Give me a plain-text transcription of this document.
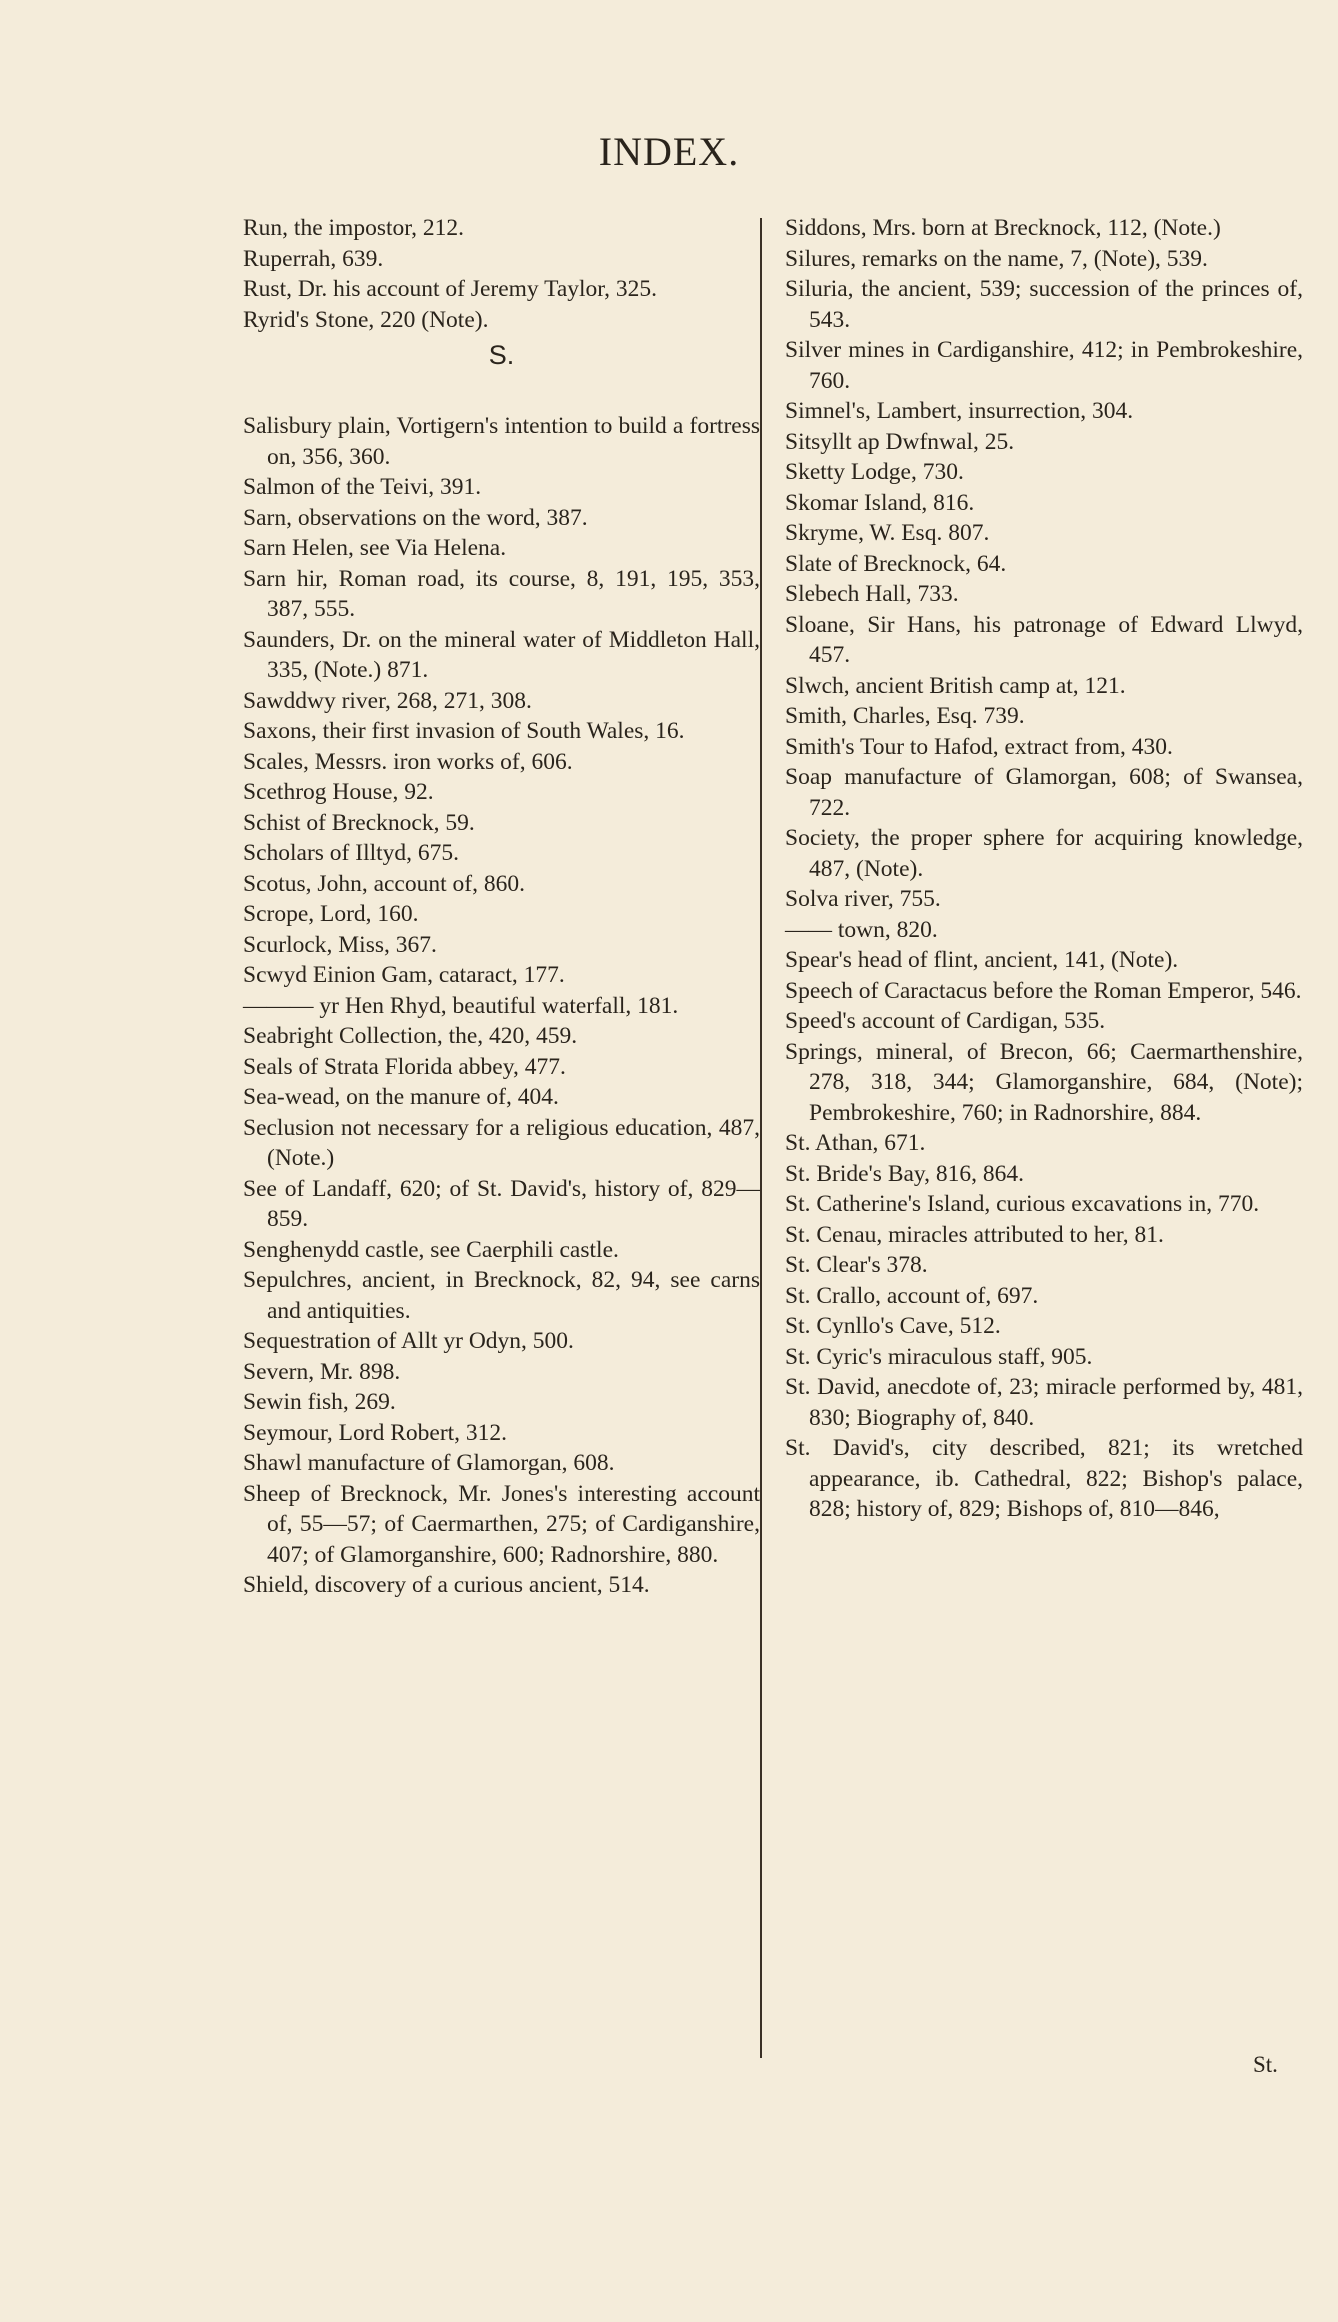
INDEX.
Run, the impostor, 212.
Ruperrah, 639.
Rust, Dr. his account of Jeremy Taylor, 325.
Ryrid's Stone, 220 (Note).
S.
Salisbury plain, Vortigern's intention to build a fortress on, 356, 360.
Salmon of the Teivi, 391.
Sarn, observations on the word, 387.
Sarn Helen, see Via Helena.
Sarn hir, Roman road, its course, 8, 191, 195, 353, 387, 555.
Saunders, Dr. on the mineral water of Middleton Hall, 335, (Note.) 871.
Sawddwy river, 268, 271, 308.
Saxons, their first invasion of South Wales, 16.
Scales, Messrs. iron works of, 606.
Scethrog House, 92.
Schist of Brecknock, 59.
Scholars of Illtyd, 675.
Scotus, John, account of, 860.
Scrope, Lord, 160.
Scurlock, Miss, 367.
Scwyd Einion Gam, cataract, 177.
——— yr Hen Rhyd, beautiful waterfall, 181.
Seabright Collection, the, 420, 459.
Seals of Strata Florida abbey, 477.
Sea-wead, on the manure of, 404.
Seclusion not necessary for a religious education, 487, (Note.)
See of Landaff, 620; of St. David's, history of, 829—859.
Senghenydd castle, see Caerphili castle.
Sepulchres, ancient, in Brecknock, 82, 94, see carns and antiquities.
Sequestration of Allt yr Odyn, 500.
Severn, Mr. 898.
Sewin fish, 269.
Seymour, Lord Robert, 312.
Shawl manufacture of Glamorgan, 608.
Sheep of Brecknock, Mr. Jones's interesting account of, 55—57; of Caermarthen, 275; of Cardiganshire, 407; of Glamorganshire, 600; Radnorshire, 880.
Shield, discovery of a curious ancient, 514.
Siddons, Mrs. born at Brecknock, 112, (Note.)
Silures, remarks on the name, 7, (Note), 539.
Siluria, the ancient, 539; succession of the princes of, 543.
Silver mines in Cardiganshire, 412; in Pembrokeshire, 760.
Simnel's, Lambert, insurrection, 304.
Sitsyllt ap Dwfnwal, 25.
Sketty Lodge, 730.
Skomar Island, 816.
Skryme, W. Esq. 807.
Slate of Brecknock, 64.
Slebech Hall, 733.
Sloane, Sir Hans, his patronage of Edward Llwyd, 457.
Slwch, ancient British camp at, 121.
Smith, Charles, Esq. 739.
Smith's Tour to Hafod, extract from, 430.
Soap manufacture of Glamorgan, 608; of Swansea, 722.
Society, the proper sphere for acquiring knowledge, 487, (Note).
Solva river, 755.
—— town, 820.
Spear's head of flint, ancient, 141, (Note).
Speech of Caractacus before the Roman Emperor, 546.
Speed's account of Cardigan, 535.
Springs, mineral, of Brecon, 66; Caermarthenshire, 278, 318, 344; Glamorganshire, 684, (Note); Pembrokeshire, 760; in Radnorshire, 884.
St. Athan, 671.
St. Bride's Bay, 816, 864.
St. Catherine's Island, curious excavations in, 770.
St. Cenau, miracles attributed to her, 81.
St. Clear's 378.
St. Crallo, account of, 697.
St. Cynllo's Cave, 512.
St. Cyric's miraculous staff, 905.
St. David, anecdote of, 23; miracle performed by, 481, 830; Biography of, 840.
St. David's, city described, 821; its wretched appearance, ib. Cathedral, 822; Bishop's palace, 828; history of, 829; Bishops of, 810—846,
St.
